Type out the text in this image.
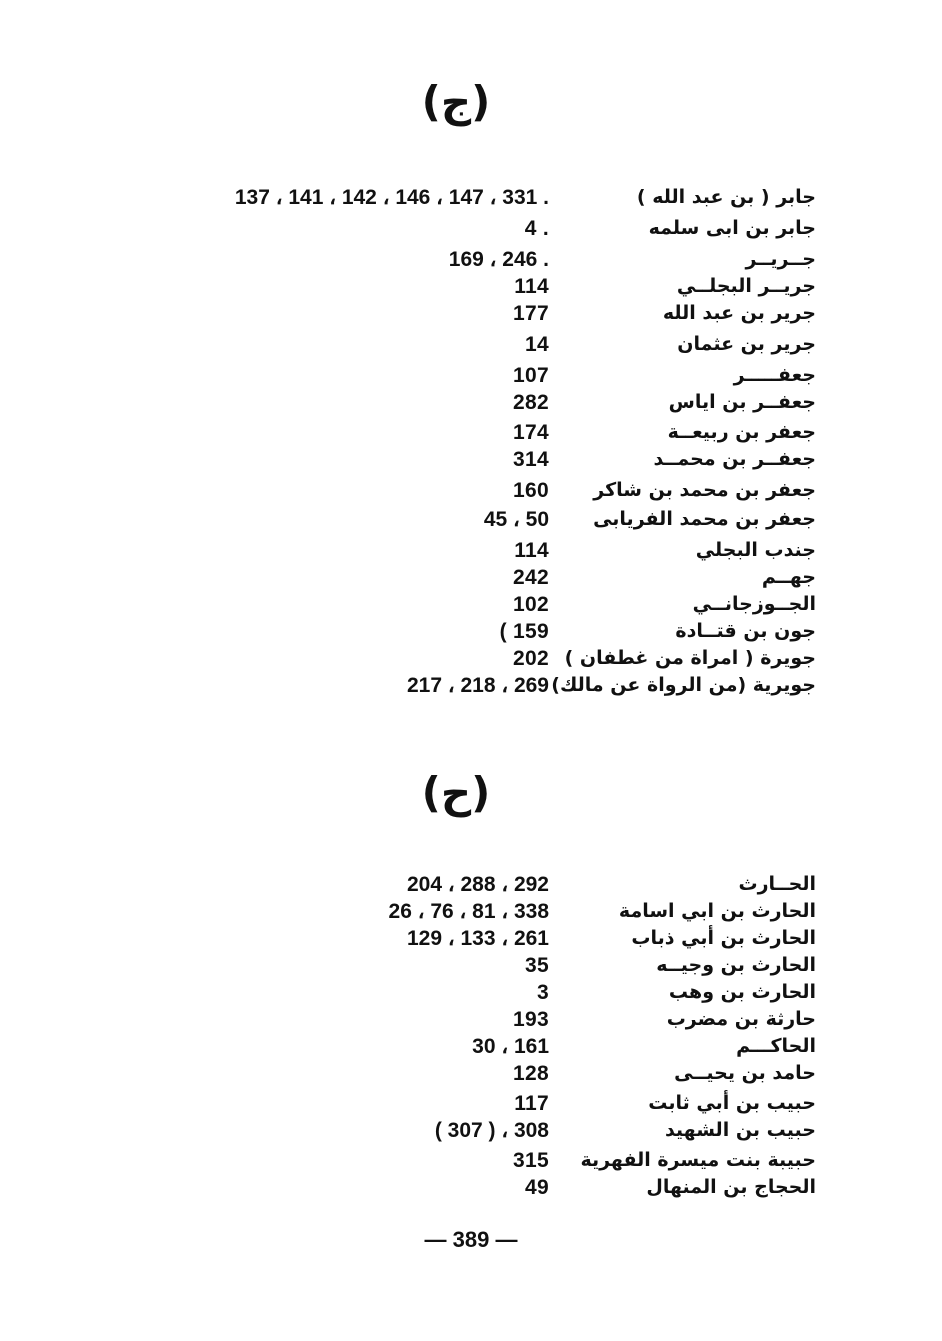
(ج)
جابر ( بن عبد الله )
137 ، 141 ، 142 ، 146 ، 147 ، 331 .
جابر بن ابى سلمه
4 .
جــريــر
169 ، 246 .
جريــر البجلــي
114
جرير بن عبد الله
177
جرير بن عثمان
14
جعفـــــر
107
جعفــر بن اياس
282
جعفر بن ربيعــة
174
جعفــر بن محمــد
314
جعفر بن محمد بن شاكر
160
جعفر بن محمد الفريابى
45 ، 50
جندب البجلي
114
جهــم
242
الجــوزجانــي
102
جون بن قتــادة
( 159
جويرة ( امراة من غطفان )
202
جويرية (من الرواة عن مالك)
217 ، 218 ، 269
(ح)
الحــارث
204 ، 288 ، 292
الحارث بن ابي اسامة
26 ، 76 ، 81 ، 338
الحارث بن أبي ذباب
129 ، 133 ، 261
الحارث بن وجيــه
35
الحارث بن وهب
3
حارثة بن مضرب
193
الحاكـــم
30 ، 161
حامد بن يحيــى
128
حبيب بن أبي ثابت
117
حبيب بن الشهيد
( 307 ) ، 308
حبيبة بنت ميسرة الفهرية
315
الحجاج بن المنهال
49
— 389 —
